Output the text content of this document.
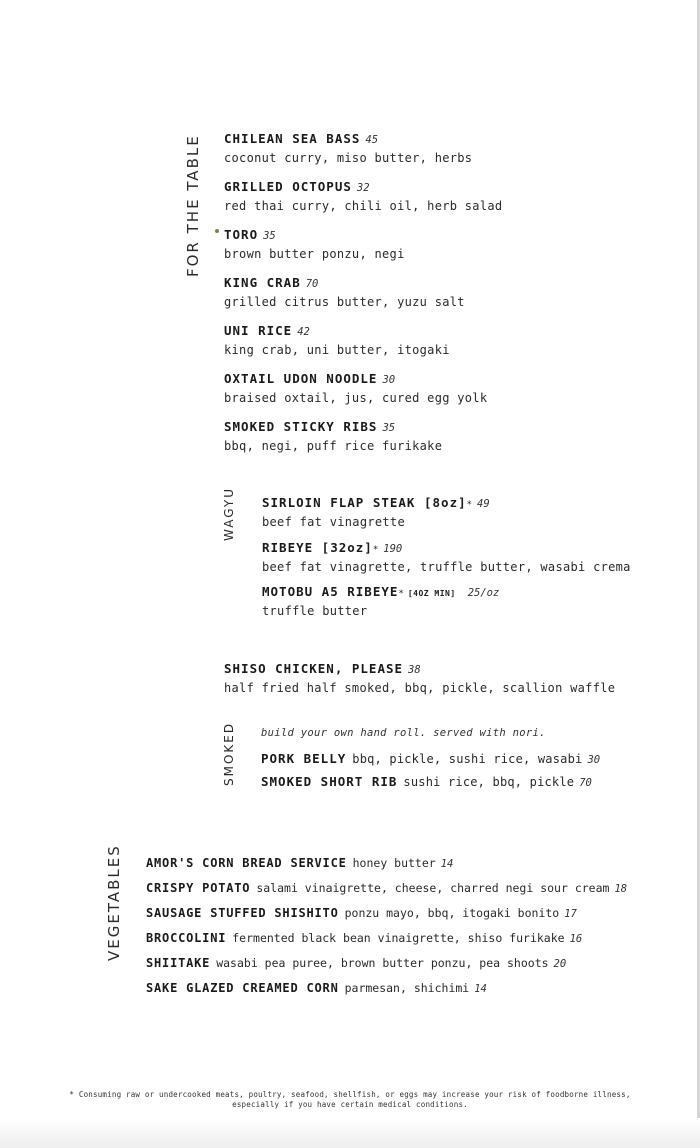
FOR THE TABLE
WAGYU
SMOKED
VEGETABLES
CHILEAN SEA BASS 45
coconut curry, miso butter, herbs
GRILLED OCTOPUS 32
red thai curry, chili oil, herb salad
TORO 35
brown butter ponzu, negi
KING CRAB 70
grilled citrus butter, yuzu salt
UNI RICE 42
king crab, uni butter, itogaki
OXTAIL UDON NOODLE 30
braised oxtail, jus, cured egg yolk
SMOKED STICKY RIBS 35
bbq, negi, puff rice furikake
SIRLOIN FLAP STEAK [8oz]* 49
beef fat vinagrette
RIBEYE [32oz]* 190
beef fat vinagrette, truffle butter, wasabi crema
MOTOBU A5 RIBEYE* [4OZ MIN] 25/oz
truffle butter
SHISO CHICKEN, PLEASE 38
half fried half smoked, bbq, pickle, scallion waffle
build your own hand roll. served with nori.
PORK BELLY bbq, pickle, sushi rice, wasabi 30
SMOKED SHORT RIB sushi rice, bbq, pickle 70
AMOR'S CORN BREAD SERVICE honey butter 14
CRISPY POTATO salami vinaigrette, cheese, charred negi sour cream 18
SAUSAGE STUFFED SHISHITO ponzu mayo, bbq, itogaki bonito 17
BROCCOLINI fermented black bean vinaigrette, shiso furikake 16
SHIITAKE wasabi pea puree, brown butter ponzu, pea shoots 20
SAKE GLAZED CREAMED CORN parmesan, shichimi 14
* Consuming raw or undercooked meats, poultry, seafood, shellfish, or eggs may increase your risk of foodborne illness,
especially if you have certain medical conditions.
